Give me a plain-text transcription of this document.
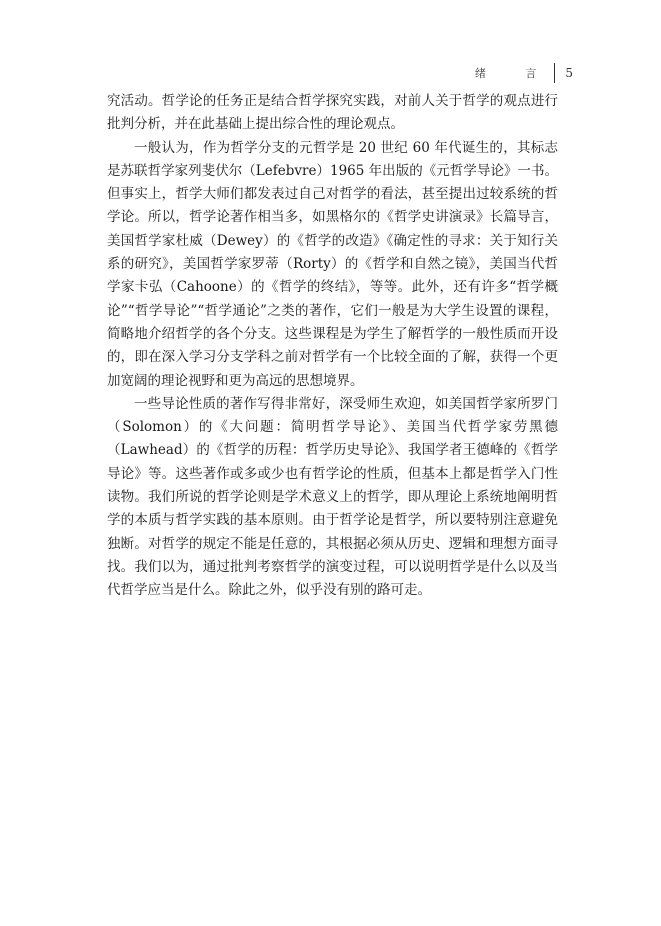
绪 言 5

究活动。哲学论的任务正是结合哲学探究实践，对前人关于哲学的观点进行批判分析，并在此基础上提出综合性的理论观点。

一般认为，作为哲学分支的元哲学是 20 世纪 60 年代诞生的，其标志是苏联哲学家列斐伏尔（Lefebvre）1965 年出版的《元哲学导论》一书。但事实上，哲学大师们都发表过自己对哲学的看法，甚至提出过较系统的哲学论。所以，哲学论著作相当多，如黑格尔的《哲学史讲演录》长篇导言，美国哲学家杜威（Dewey）的《哲学的改造》《确定性的寻求：关于知行关系的研究》，美国哲学家罗蒂（Rorty）的《哲学和自然之镜》，美国当代哲学家卡弘（Cahoone）的《哲学的终结》，等等。此外，还有许多“哲学概论”“哲学导论”“哲学通论”之类的著作，它们一般是为大学生设置的课程，简略地介绍哲学的各个分支。这些课程是为学生了解哲学的一般性质而开设的，即在深入学习分支学科之前对哲学有一个比较全面的了解，获得一个更加宽阔的理论视野和更为高远的思想境界。

一些导论性质的著作写得非常好，深受师生欢迎，如美国哲学家所罗门（Solomon）的《大问题：简明哲学导论》、美国当代哲学家劳黑德（Lawhead）的《哲学的历程：哲学历史导论》、我国学者王德峰的《哲学导论》等。这些著作或多或少也有哲学论的性质，但基本上都是哲学入门性读物。我们所说的哲学论则是学术意义上的哲学，即从理论上系统地阐明哲学的本质与哲学实践的基本原则。由于哲学论是哲学，所以要特别注意避免独断。对哲学的规定不能是任意的，其根据必须从历史、逻辑和理想方面寻找。我们以为，通过批判考察哲学的演变过程，可以说明哲学是什么以及当代哲学应当是什么。除此之外，似乎没有别的路可走。
